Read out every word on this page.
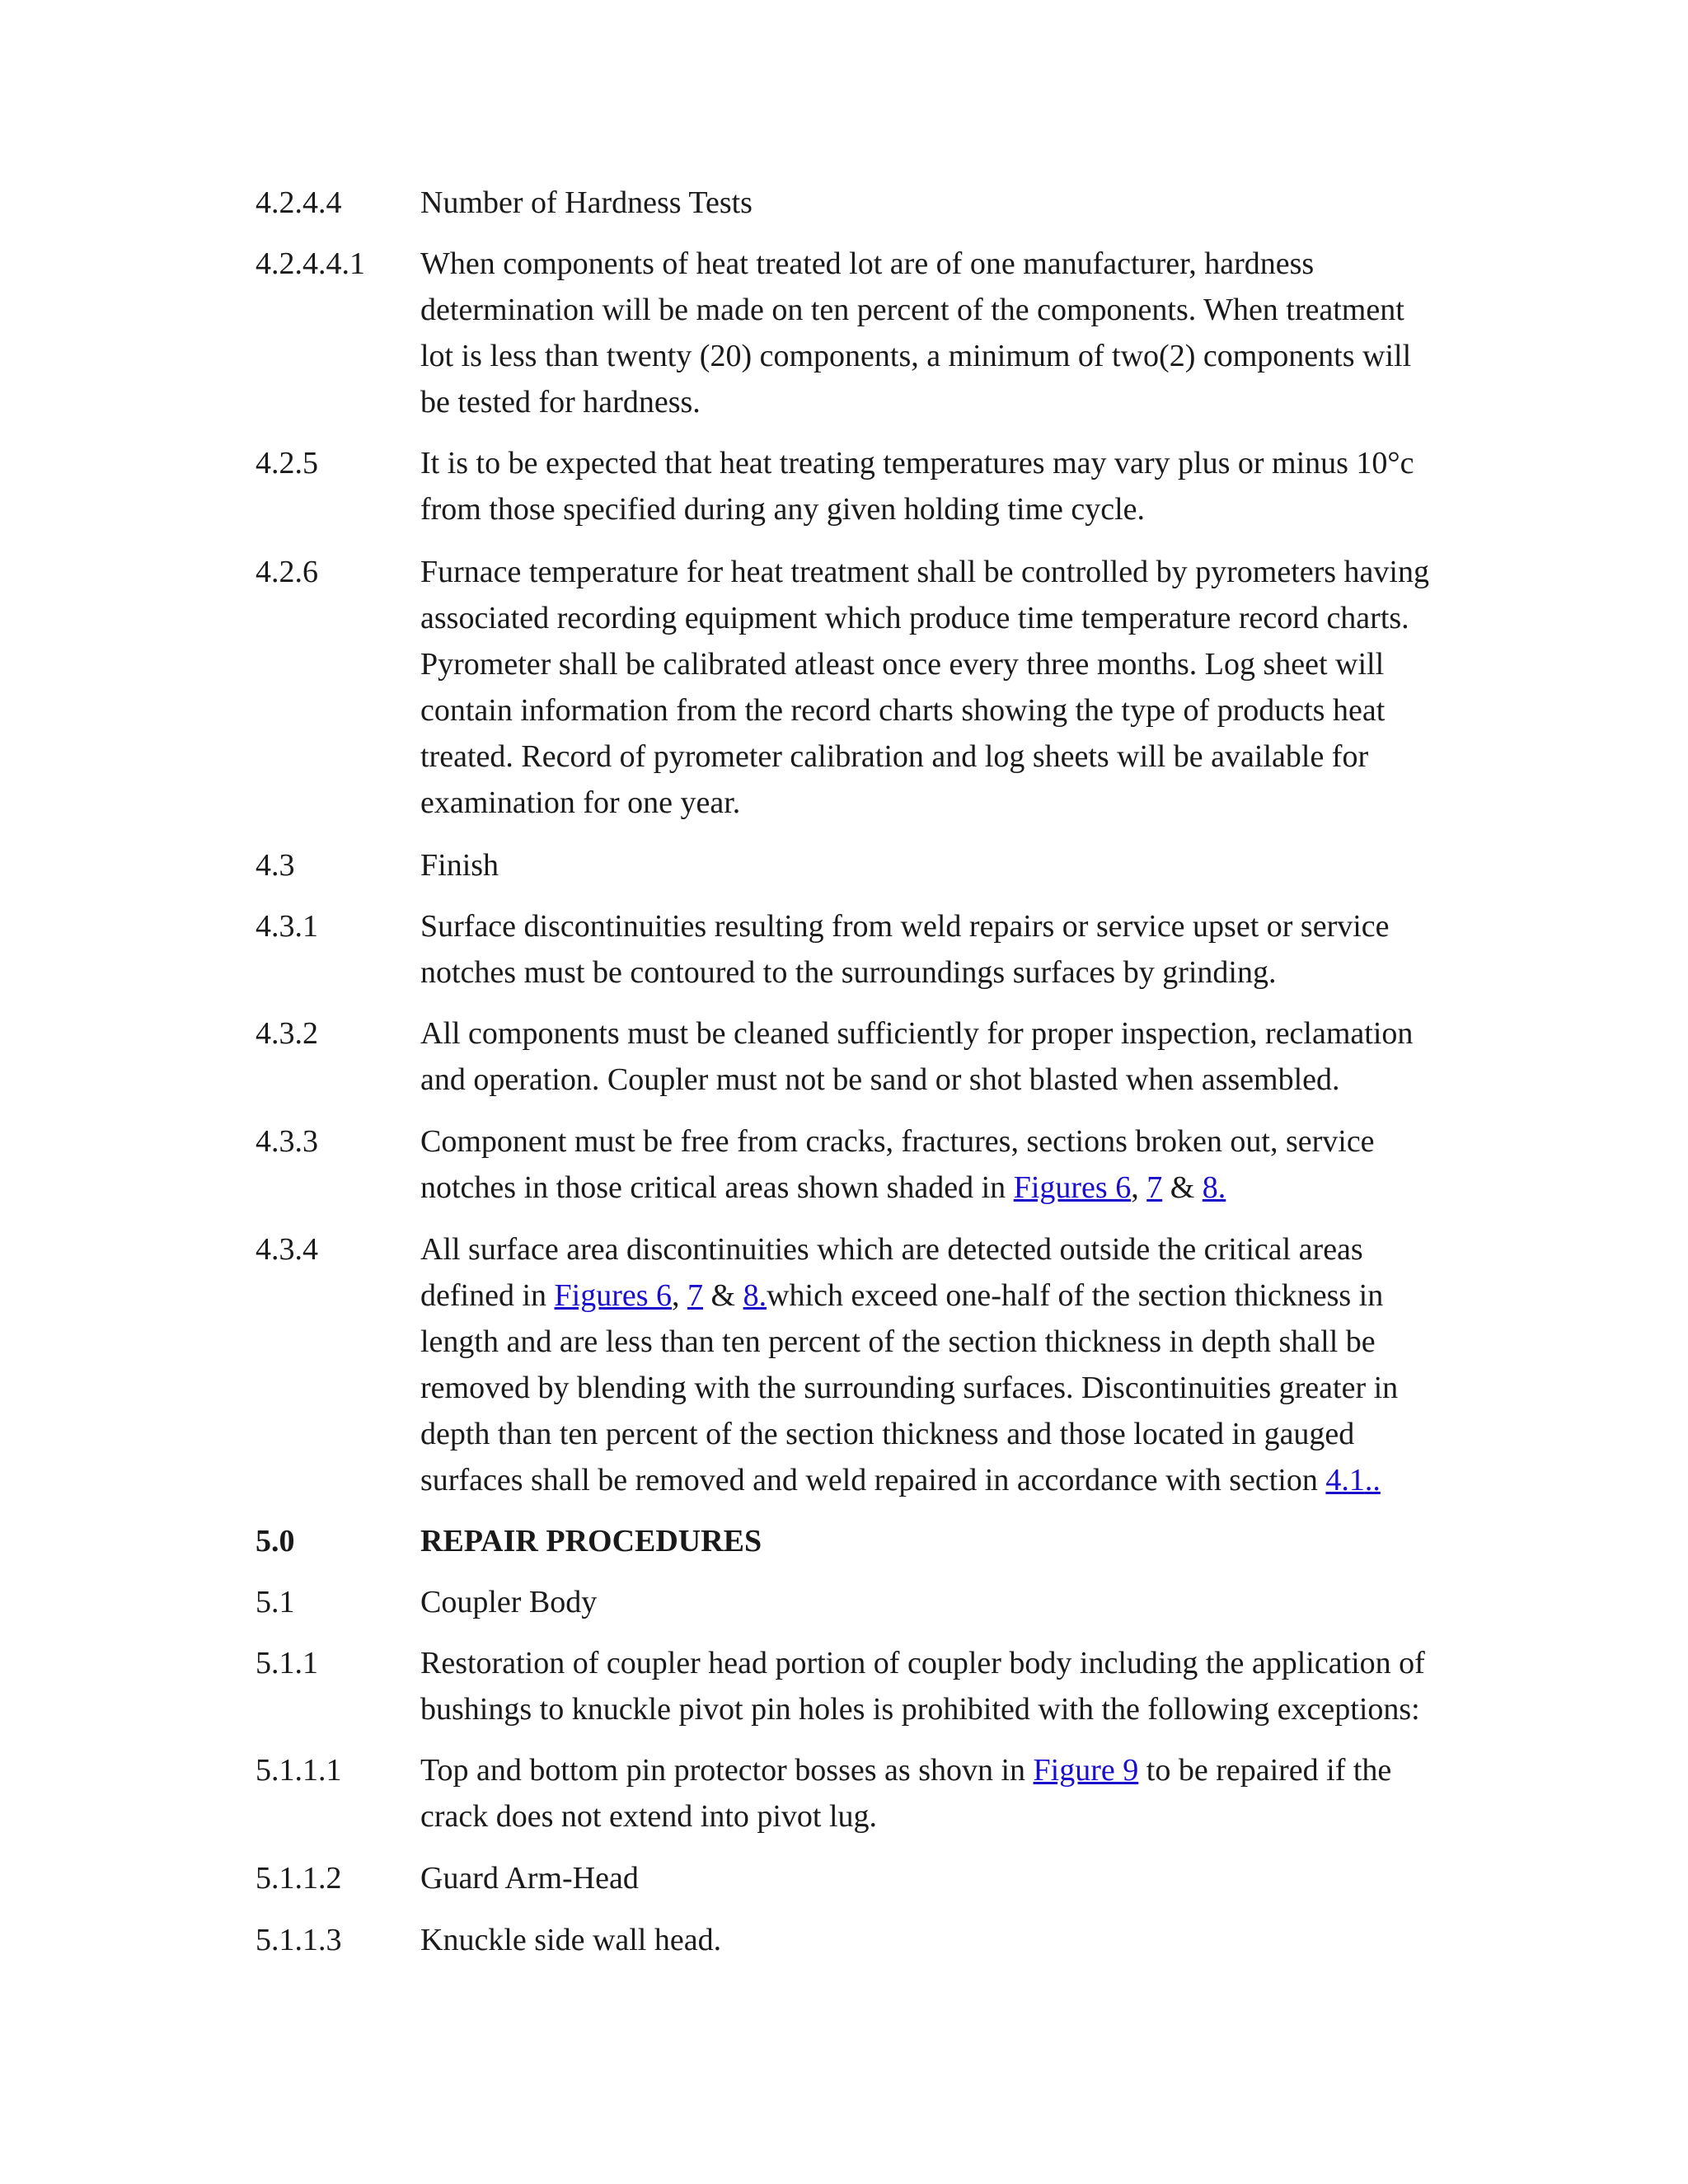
4.2.4.4	Number of Hardness Tests
4.2.4.4.1	When components of heat treated lot are of one manufacturer, hardness determination will be made on ten percent of the components. When treatment lot is less than twenty (20) components, a minimum of two(2) components will be tested for hardness.
4.2.5	It is to be expected that heat treating temperatures may vary plus or minus 10°c from those specified during any given holding time cycle.
4.2.6	Furnace temperature for heat treatment shall be controlled by pyrometers having associated recording equipment which produce time temperature record charts. Pyrometer shall be calibrated atleast once every three months. Log sheet will contain information from the record charts showing the type of products heat treated. Record of pyrometer calibration and log sheets will be available for examination for one year.
4.3	Finish
4.3.1	Surface discontinuities resulting from weld repairs or service upset or service notches must be contoured to the surroundings surfaces by grinding.
4.3.2	All components must be cleaned sufficiently for proper inspection, reclamation and operation. Coupler must not be sand or shot blasted when assembled.
4.3.3	Component must be free from cracks, fractures, sections broken out, service notches in those critical areas shown shaded in Figures 6, 7 & 8.
4.3.4	All surface area discontinuities which are detected outside the critical areas defined in Figures 6, 7 & 8.which exceed one-half of the section thickness in length and are less than ten percent of the section thickness in depth shall be removed by blending with the surrounding surfaces. Discontinuities greater in depth than ten percent of the section thickness and those located in gauged surfaces shall be removed and weld repaired in accordance with section 4.1..
5.0	REPAIR PROCEDURES
5.1	Coupler Body
5.1.1	Restoration of coupler head portion of coupler body including the application of bushings to knuckle pivot pin holes is prohibited with the following exceptions:
5.1.1.1	Top and bottom pin protector bosses as shovn in Figure 9 to be repaired if the crack does not extend into pivot lug.
5.1.1.2	Guard Arm-Head
5.1.1.3	Knuckle side wall head.
